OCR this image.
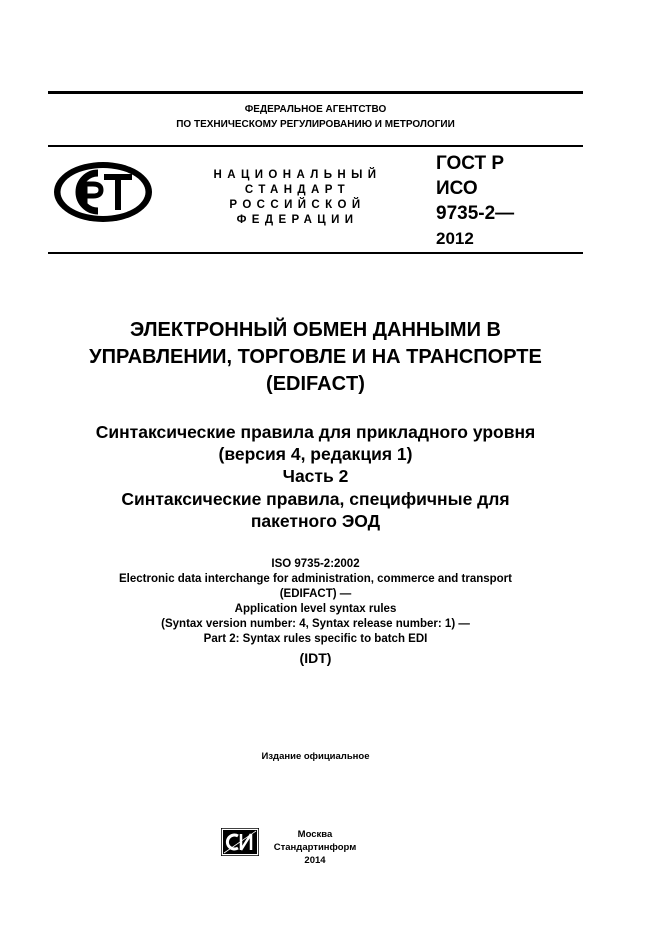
ФЕДЕРАЛЬНОЕ АГЕНТСТВО
ПО ТЕХНИЧЕСКОМУ РЕГУЛИРОВАНИЮ И МЕТРОЛОГИИ
НАЦИОНАЛЬНЫЙ
СТАНДАРТ
РОССИЙСКОЙ
ФЕДЕРАЦИИ
ГОСТ Р
ИСО
9735-2—
2012
ЭЛЕКТРОННЫЙ ОБМЕН ДАННЫМИ В
УПРАВЛЕНИИ, ТОРГОВЛЕ И НА ТРАНСПОРТЕ
(EDIFACT)
Синтаксические правила для прикладного уровня
(версия 4, редакция 1)
Часть 2
Синтаксические правила, специфичные для
пакетного ЭОД
ISO 9735-2:2002
Electronic data interchange for administration, commerce and transport
(EDIFACT) —
Application level syntax rules
(Syntax version number: 4, Syntax release number: 1) —
Part 2: Syntax rules specific to batch EDI
(IDT)
Издание официальное
Москва
Стандартинформ
2014
